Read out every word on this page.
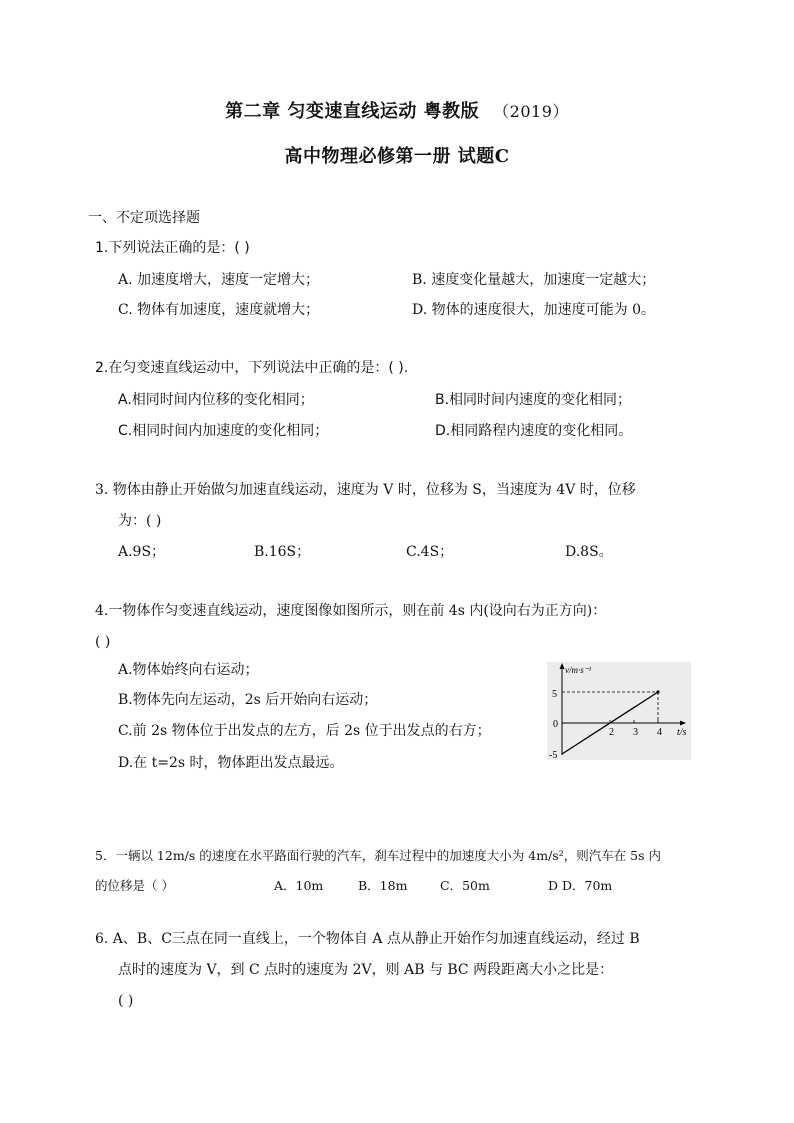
第二章 匀变速直线运动 粤教版 （2019）
高中物理必修第一册 试题C
一、不定项选择题
1.下列说法正确的是：( )
A. 加速度增大，速度一定增大；	B. 速度变化量越大，加速度一定越大；
C. 物体有加速度，速度就增大；	D. 物体的速度很大，加速度可能为 0。
2.在匀变速直线运动中，下列说法中正确的是：( ).
A.相同时间内位移的变化相同；	B.相同时间内速度的变化相同；
C.相同时间内加速度的变化相同；	D.相同路程内速度的变化相同。
3. 物体由静止开始做匀加速直线运动，速度为 V 时，位移为 S，当速度为 4V 时，位移
为：( )
A.9S；	B.16S；	C.4S；	D.8S。
4.一物体作匀变速直线运动，速度图像如图所示，则在前 4s 内(设向右为正方向)：
( )
A.物体始终向右运动；
B.物体先向左运动，2s 后开始向右运动；
C.前 2s 物体位于出发点的左方，后 2s 位于出发点的右方；
D.在 t=2s 时，物体距出发点最远。
v/m·s⁻¹
t/s
5
0
-5
2 3 4
5．一辆以 12m/s 的速度在水平路面行驶的汽车，刹车过程中的加速度大小为 4m/s²，则汽车在 5s 内
的位移是（ ）	A．10m	B．18m	C．50m	D D．70m
6. A、B、C三点在同一直线上，一个物体自 A 点从静止开始作匀加速直线运动，经过 B
点时的速度为 V，到 C 点时的速度为 2V，则 AB 与 BC 两段距离大小之比是：
( )
